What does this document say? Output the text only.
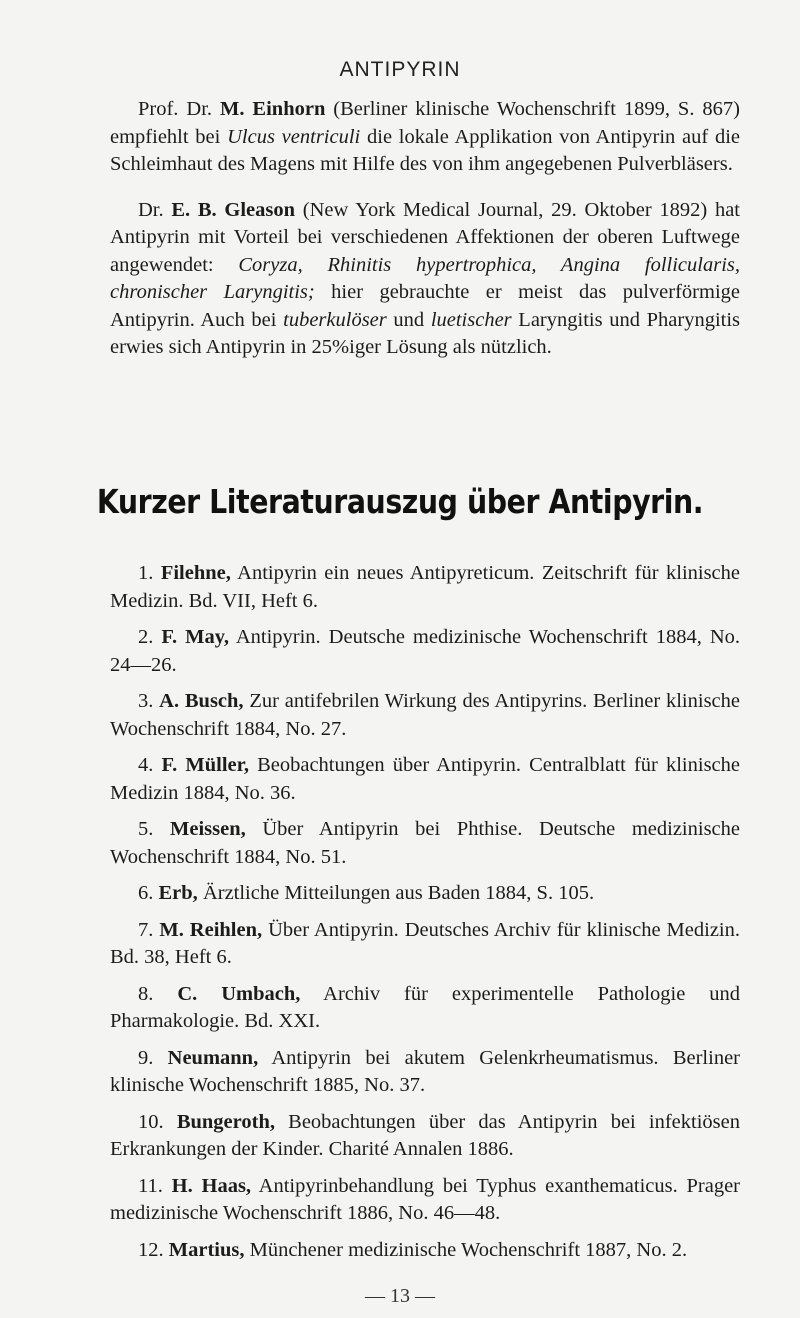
ANTIPYRIN

Prof. Dr. M. Einhorn (Berliner klinische Wochenschrift 1899, S. 867) empfiehlt bei Ulcus ventriculi die lokale Applikation von Antipyrin auf die Schleimhaut des Magens mit Hilfe des von ihm angegebenen Pulverbläsers.

Dr. E. B. Gleason (New York Medical Journal, 29. Oktober 1892) hat Antipyrin mit Vorteil bei verschiedenen Affektionen der oberen Luftwege angewendet: Coryza, Rhinitis hypertrophica, Angina follicularis, chronischer Laryngitis; hier gebrauchte er meist das pulverförmige Antipyrin. Auch bei tuberkulöser und luetischer Laryngitis und Pharyngitis erwies sich Antipyrin in 25%iger Lösung als nützlich.

Kurzer Literaturauszug über Antipyrin.

1. Filehne, Antipyrin ein neues Antipyreticum. Zeitschrift für klinische Medizin. Bd. VII, Heft 6.

2. F. May, Antipyrin. Deutsche medizinische Wochenschrift 1884, No. 24—26.

3. A. Busch, Zur antifebrilen Wirkung des Antipyrins. Berliner klinische Wochenschrift 1884, No. 27.

4. F. Müller, Beobachtungen über Antipyrin. Centralblatt für klinische Medizin 1884, No. 36.

5. Meissen, Über Antipyrin bei Phthise. Deutsche medizinische Wochenschrift 1884, No. 51.

6. Erb, Ärztliche Mitteilungen aus Baden 1884, S. 105.

7. M. Reihlen, Über Antipyrin. Deutsches Archiv für klinische Medizin. Bd. 38, Heft 6.

8. C. Umbach, Archiv für experimentelle Pathologie und Pharmakologie. Bd. XXI.

9. Neumann, Antipyrin bei akutem Gelenkrheumatismus. Berliner klinische Wochenschrift 1885, No. 37.

10. Bungeroth, Beobachtungen über das Antipyrin bei infektiösen Erkrankungen der Kinder. Charité Annalen 1886.

11. H. Haas, Antipyrinbehandlung bei Typhus exanthematicus. Prager medizinische Wochenschrift 1886, No. 46—48.

12. Martius, Münchener medizinische Wochenschrift 1887, No. 2.

— 13 —
